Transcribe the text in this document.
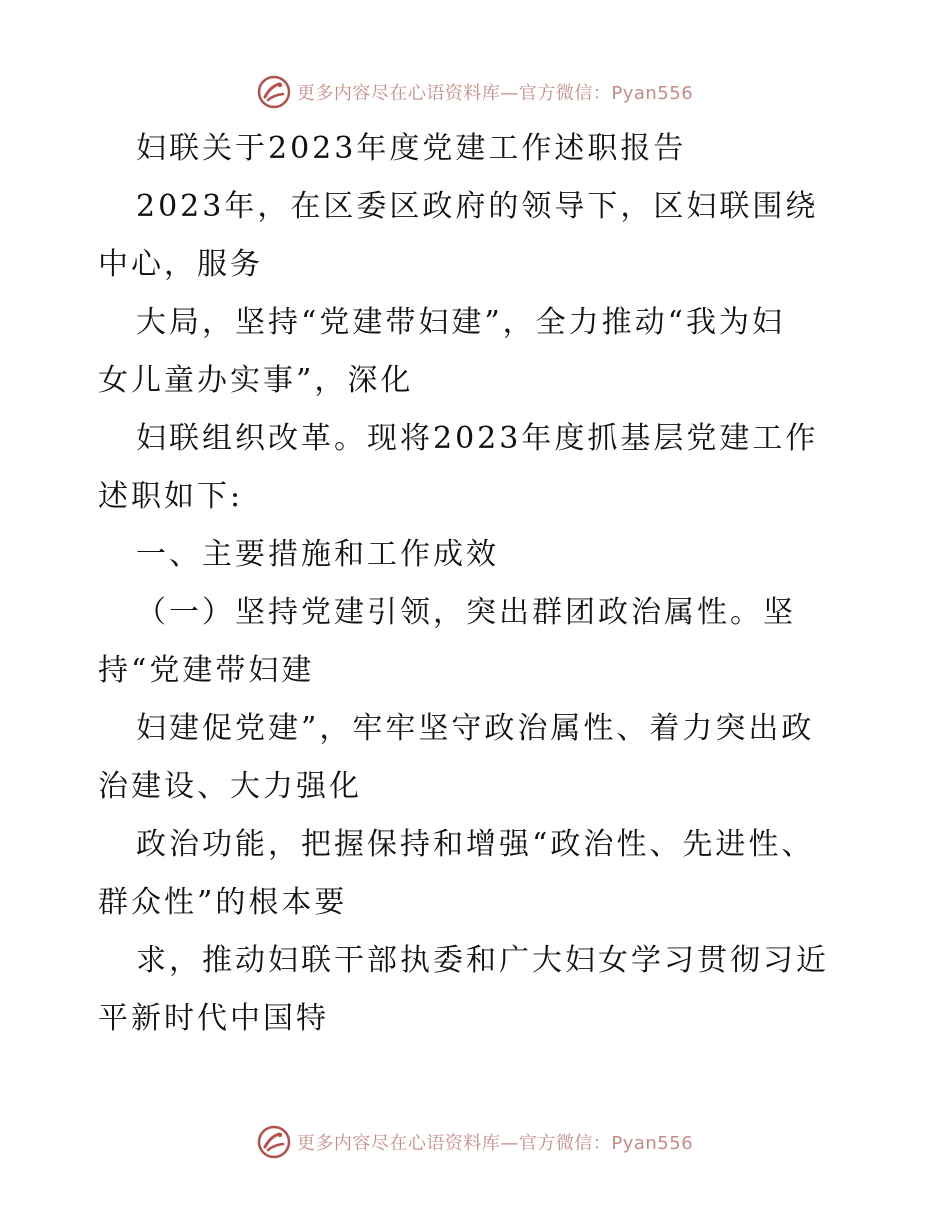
更多内容尽在心语资料库—官方微信：Pyan556
妇联关于2023年度党建工作述职报告
2023年，在区委区政府的领导下，区妇联围绕
中心，服务
大局，坚持“党建带妇建”，全力推动“我为妇
女儿童办实事”，深化
妇联组织改革。现将2023年度抓基层党建工作
述职如下:
一、主要措施和工作成效
（一）坚持党建引领，突出群团政治属性。坚
持“党建带妇建
妇建促党建”，牢牢坚守政治属性、着力突出政
治建设、大力强化
政治功能，把握保持和增强“政治性、先进性、
群众性”的根本要
求，推动妇联干部执委和广大妇女学习贯彻习近
平新时代中国特
更多内容尽在心语资料库—官方微信：Pyan556
